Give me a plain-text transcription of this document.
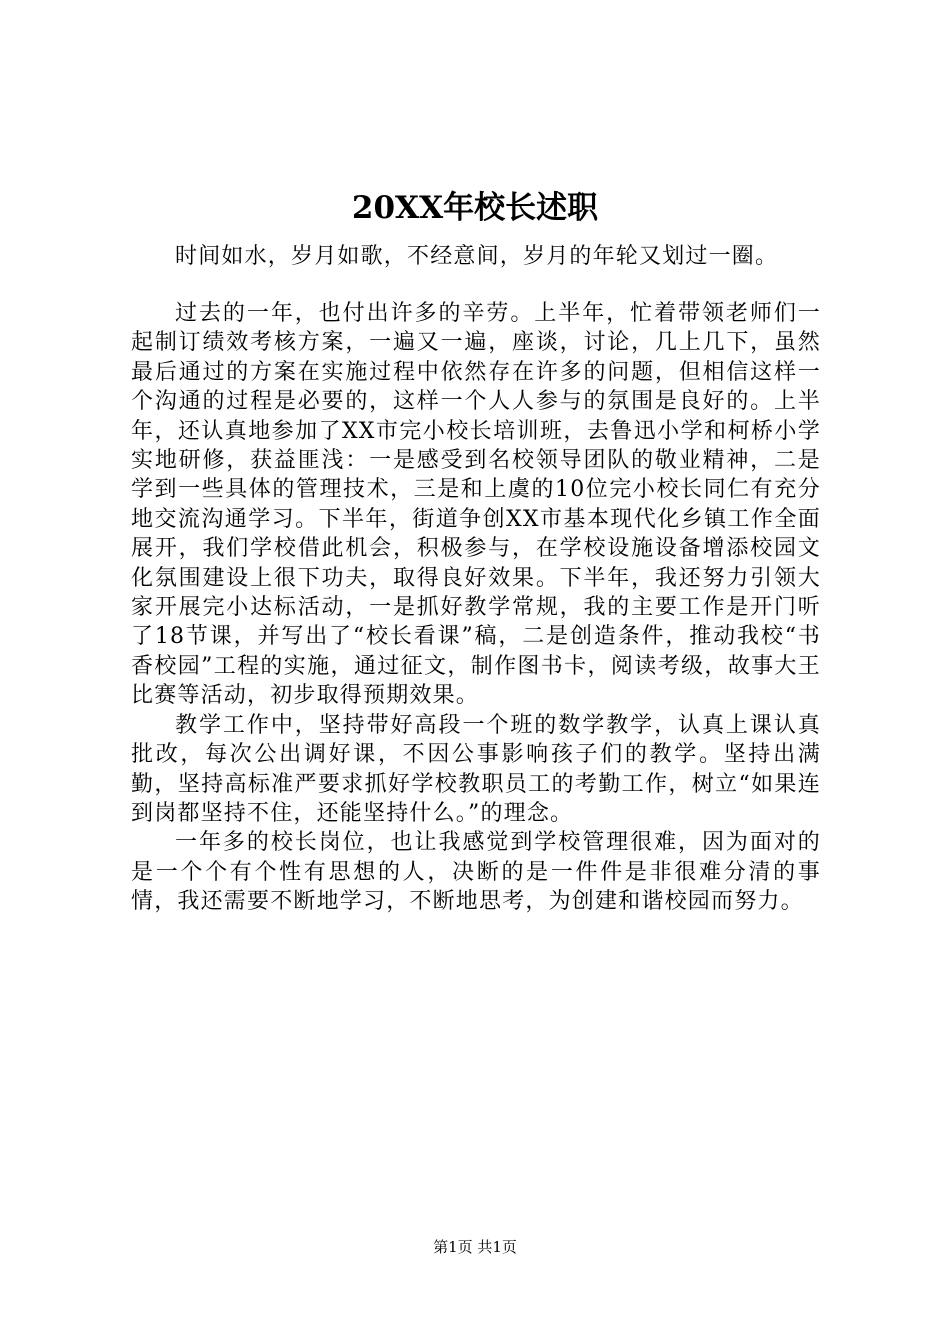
20XX年校长述职

时间如水，岁月如歌，不经意间，岁月的年轮又划过一圈。

过去的一年，也付出许多的辛劳。上半年，忙着带领老师们一起制订绩效考核方案，一遍又一遍，座谈，讨论，几上几下，虽然最后通过的方案在实施过程中依然存在许多的问题，但相信这样一个沟通的过程是必要的，这样一个人人参与的氛围是良好的。上半年，还认真地参加了XX市完小校长培训班，去鲁迅小学和柯桥小学实地研修，获益匪浅：一是感受到名校领导团队的敬业精神，二是学到一些具体的管理技术，三是和上虞的10位完小校长同仁有充分地交流沟通学习。下半年，街道争创XX市基本现代化乡镇工作全面展开，我们学校借此机会，积极参与，在学校设施设备增添校园文化氛围建设上很下功夫，取得良好效果。下半年，我还努力引领大家开展完小达标活动，一是抓好教学常规，我的主要工作是开门听了18节课，并写出了“校长看课”稿，二是创造条件，推动我校“书香校园”工程的实施，通过征文，制作图书卡，阅读考级，故事大王比赛等活动，初步取得预期效果。

教学工作中，坚持带好高段一个班的数学教学，认真上课认真批改，每次公出调好课，不因公事影响孩子们的教学。坚持出满勤，坚持高标准严要求抓好学校教职员工的考勤工作，树立“如果连到岗都坚持不住，还能坚持什么。”的理念。

一年多的校长岗位，也让我感觉到学校管理很难，因为面对的是一个个有个性有思想的人，决断的是一件件是非很难分清的事情，我还需要不断地学习，不断地思考，为创建和谐校园而努力。

第1页 共1页
